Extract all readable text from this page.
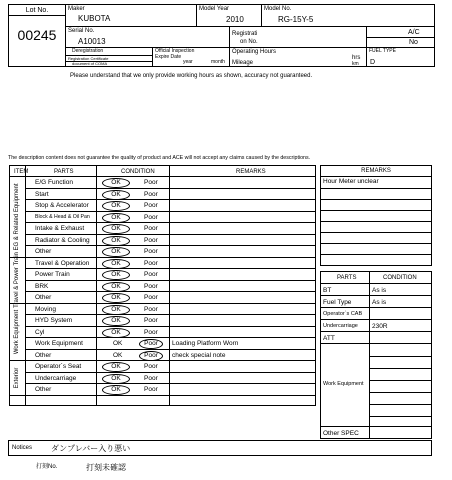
Lot No.
00245
Maker
KUBOTA
Model Year
2010
Model No.
RG-15Y-5
Serial No.
A10013
Registrati
on No.
A/C
No
Deregistration
Registration Certificate
document of COMA
Official Inspection
Expire Date
year	month
Operating Hours
hrs
Mileage	km
FUEL TYPE
D
Please understand that we only provide working hours as shown, accuracy not guaranteed.
The description content does not guarantee the quality of product and ACE will not accept any claims caused by the descriptions.
ITEM	PARTS	CONDITION	REMARKS
E/G Function	OK	Poor
Start	OK	Poor
Stop & Accelerator	OK	Poor
Block & Head & Oil Pan	OK	Poor
Intake & Exhaust	OK	Poor
Radiator & Cooling	OK	Poor
Other	OK	Poor
EG & Related Equipment
Travel & Operation	OK	Poor
Power Train	OK	Poor
BRK	OK	Poor
Other	OK	Poor
Travel & Power Train
Moving	OK	Poor
HYD System	OK	Poor
Cyl	OK	Poor
Work Equipment	OK	Poor	Loading Platform Worn
Other	OK	Poor	check special note
Work Equipment
Operator`s Seat	OK	Poor
Undercarriage	OK	Poor
Other	OK	Poor
Exterior
REMARKS
Hour Meter unclear
PARTS	CONDITION
BT	As is
Fuel Type	As is
Operator`s CAB
Undercarriage 230R
ATT
Work Equipment
Other SPEC
Notices ダンプレバー入り悪い
打刻No.	打刻未確認
